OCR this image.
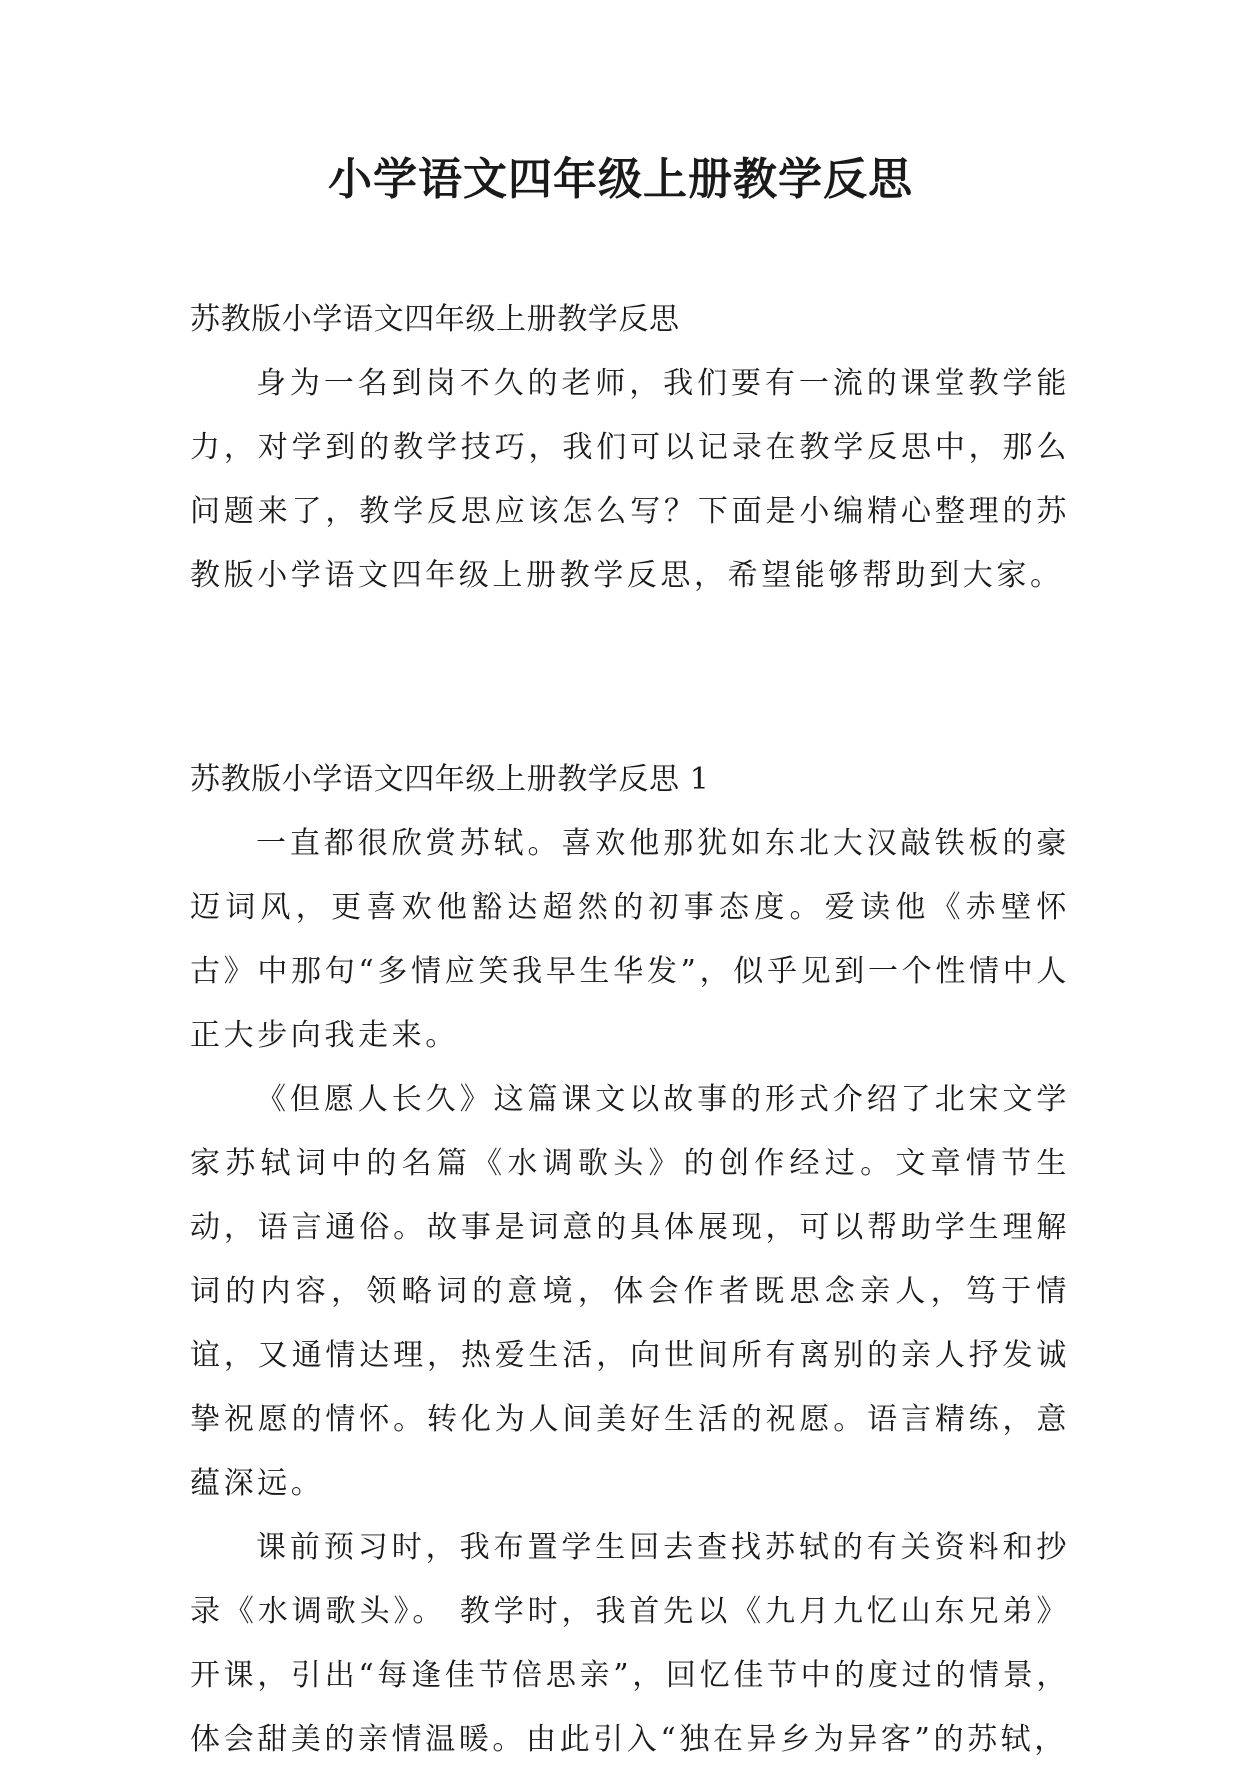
小学语文四年级上册教学反思

苏教版小学语文四年级上册教学反思

身为一名到岗不久的老师，我们要有一流的课堂教学能力，对学到的教学技巧，我们可以记录在教学反思中，那么问题来了，教学反思应该怎么写？下面是小编精心整理的苏教版小学语文四年级上册教学反思，希望能够帮助到大家。

苏教版小学语文四年级上册教学反思 1

一直都很欣赏苏轼。喜欢他那犹如东北大汉敲铁板的豪迈词风，更喜欢他豁达超然的初事态度。爱读他《赤壁怀古》中那句“多情应笑我早生华发”，似乎见到一个性情中人正大步向我走来。

《但愿人长久》这篇课文以故事的形式介绍了北宋文学家苏轼词中的名篇《水调歌头》的创作经过。文章情节生动，语言通俗。故事是词意的具体展现，可以帮助学生理解词的内容，领略词的意境，体会作者既思念亲人，笃于情谊，又通情达理，热爱生活，向世间所有离别的亲人抒发诚挚祝愿的情怀。转化为人间美好生活的祝愿。语言精练，意蕴深远。

课前预习时，我布置学生回去查找苏轼的有关资料和抄录《水调歌头》。 教学时，我首先以《九月九忆山东兄弟》开课，引出“每逢佳节倍思亲”，回忆佳节中的度过的情景，体会甜美的亲情温暖。由此引入“独在异乡为异客”的苏轼，
